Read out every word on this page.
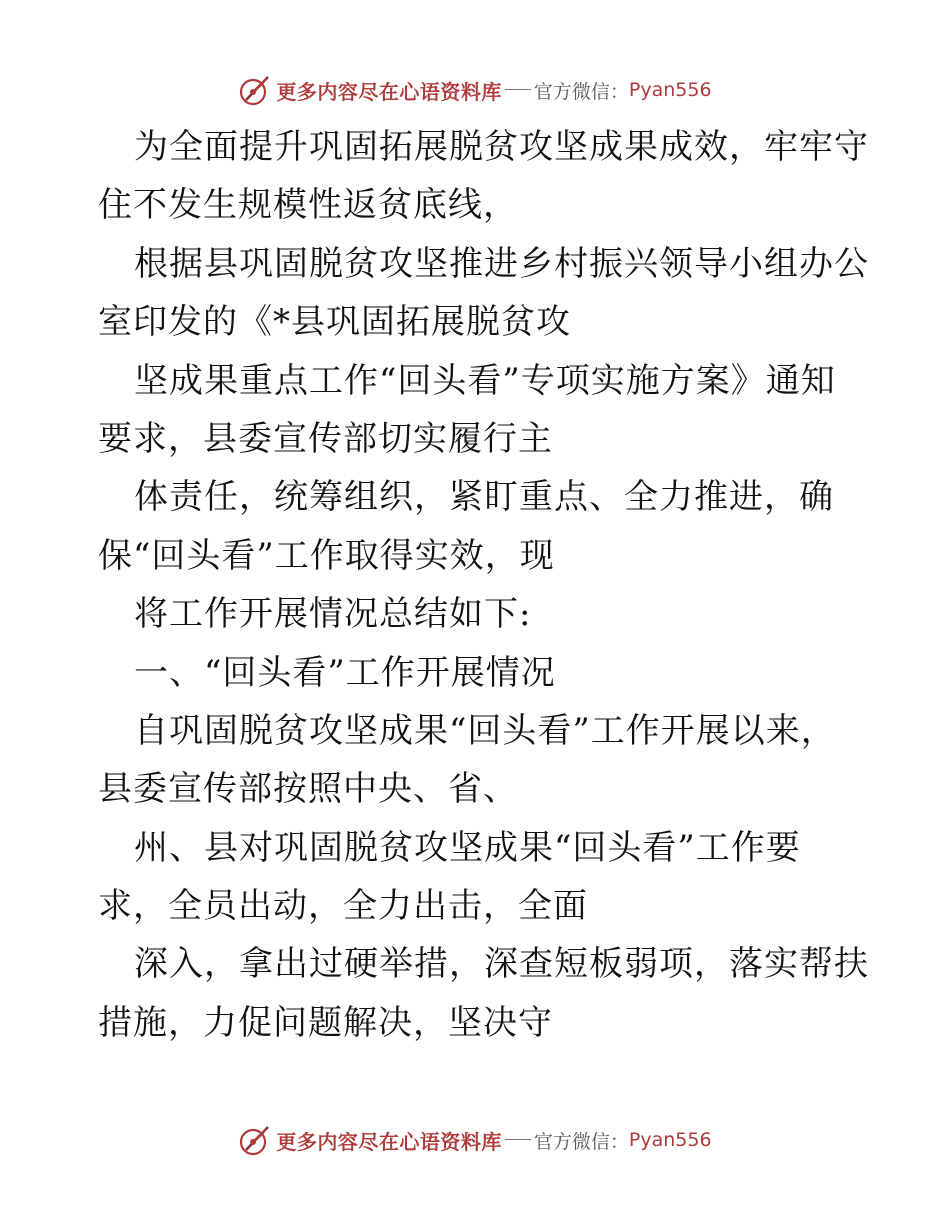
更多内容尽在心语资料库 官方微信： Pyan556
为全面提升巩固拓展脱贫攻坚成果成效，牢牢守
住不发生规模性返贫底线，
根据县巩固脱贫攻坚推进乡村振兴领导小组办公
室印发的《*县巩固拓展脱贫攻
坚成果重点工作“回头看”专项实施方案》通知
要求，县委宣传部切实履行主
体责任，统筹组织，紧盯重点、全力推进，确
保“回头看”工作取得实效，现
将工作开展情况总结如下:
一、“回头看”工作开展情况
自巩固脱贫攻坚成果“回头看”工作开展以来，
县委宣传部按照中央、省、
州、县对巩固脱贫攻坚成果“回头看”工作要
求，全员出动，全力出击，全面
深入，拿出过硬举措，深查短板弱项，落实帮扶
措施，力促问题解决，坚决守
更多内容尽在心语资料库 官方微信： Pyan556
